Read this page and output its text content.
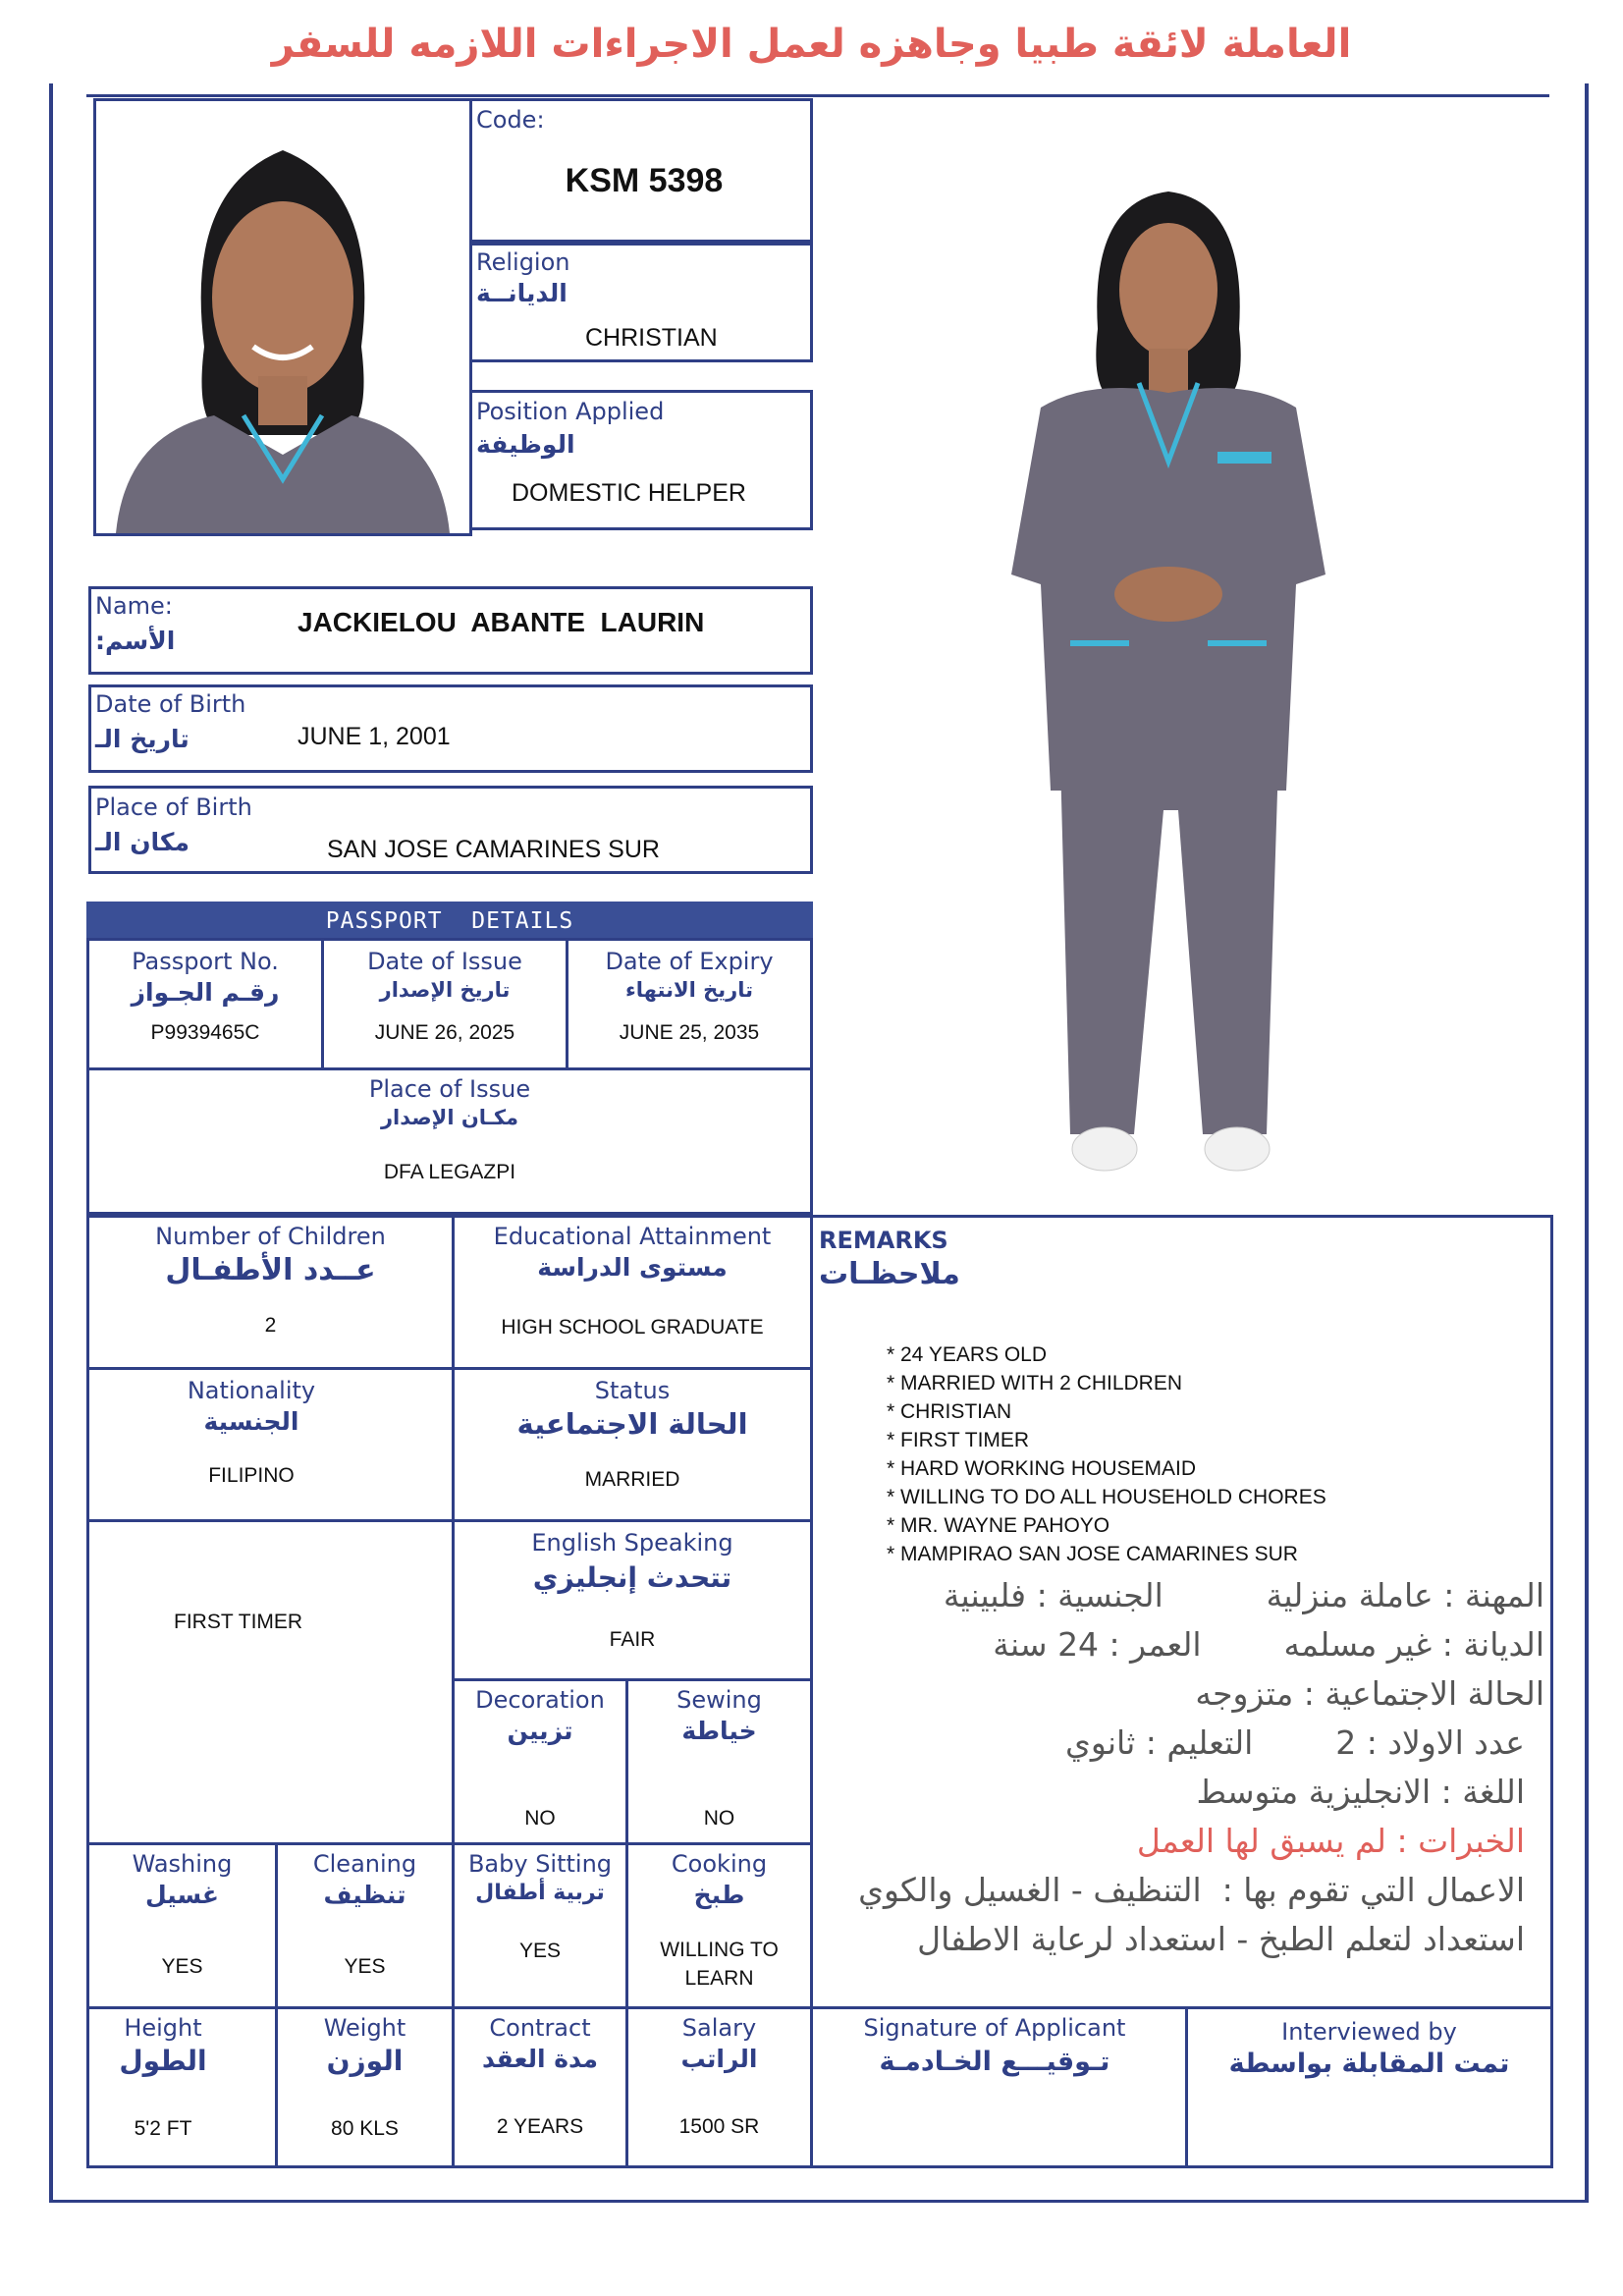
العاملة لائقة طبيا وجاهزه لعمل الاجراءات اللازمه للسفر
Code:
KSM 5398
Religion
الديانــة
CHRISTIAN
Position Applied
الوظيفة
DOMESTIC HELPER
Name:
الأسم:
JACKIELOU  ABANTE  LAURIN
Date of Birth
تاريخ الـ	JUNE 1, 2001
Place of Birth
مكان الـ	SAN JOSE CAMARINES SUR
PASSPORT  DETAILS
Passport No.
رقـم الجـواز
P9939465C
Date of Issue
تاريخ الإصدار
JUNE 26, 2025
Date of Expiry
تاريخ الانتهاء
JUNE 25, 2035
Place of Issue
مكـان الإصدار
DFA LEGAZPI
Number of Children
عــدد الأطفـال
2
Educational Attainment
مستوى الدراسة
HIGH SCHOOL GRADUATE
Nationality
الجنسية
FILIPINO
Status
الحالة الاجتماعية
MARRIED
FIRST TIMER
English Speaking
تتحدث إنجليزي
FAIR
Decoration
تزيين
NO
Sewing
خياطة
NO
Washing
غسيل
YES
Cleaning
تنظيف
YES
Baby Sitting
تربية أطفال
YES
Cooking
طبخ
WILLING TO LEARN
Height
الطول
5'2 FT
Weight
الوزن
80 KLS
Contract
مدة العقد
2 YEARS
Salary
الراتب
1500 SR
Signature of Applicant
تـوقيـــع الخـادمـة
Interviewed by
تمت المقابلة بواسطة
REMARKS
ملاحظـات
* 24 YEARS OLD
* MARRIED WITH 2 CHILDREN
* CHRISTIAN
* FIRST TIMER
* HARD WORKING HOUSEMAID
* WILLING TO DO ALL HOUSEHOLD CHORES
* MR. WAYNE PAHOYO
* MAMPIRAO SAN JOSE CAMARINES SUR
المهنة : عاملة منزلية          الجنسية : فلبينية
الديانة : غير مسلمه        العمر : 24 سنة
الحالة الاجتماعية : متزوجه
عدد الاولاد : 2        التعليم : ثانوي
اللغة : الانجليزية متوسط
الخبرات : لم يسبق لها العمل
الاعمال التي تقوم بها :  التنظيف - الغسيل والكوي
استعداد لتعلم الطبخ - استعداد لرعاية الاطفال
